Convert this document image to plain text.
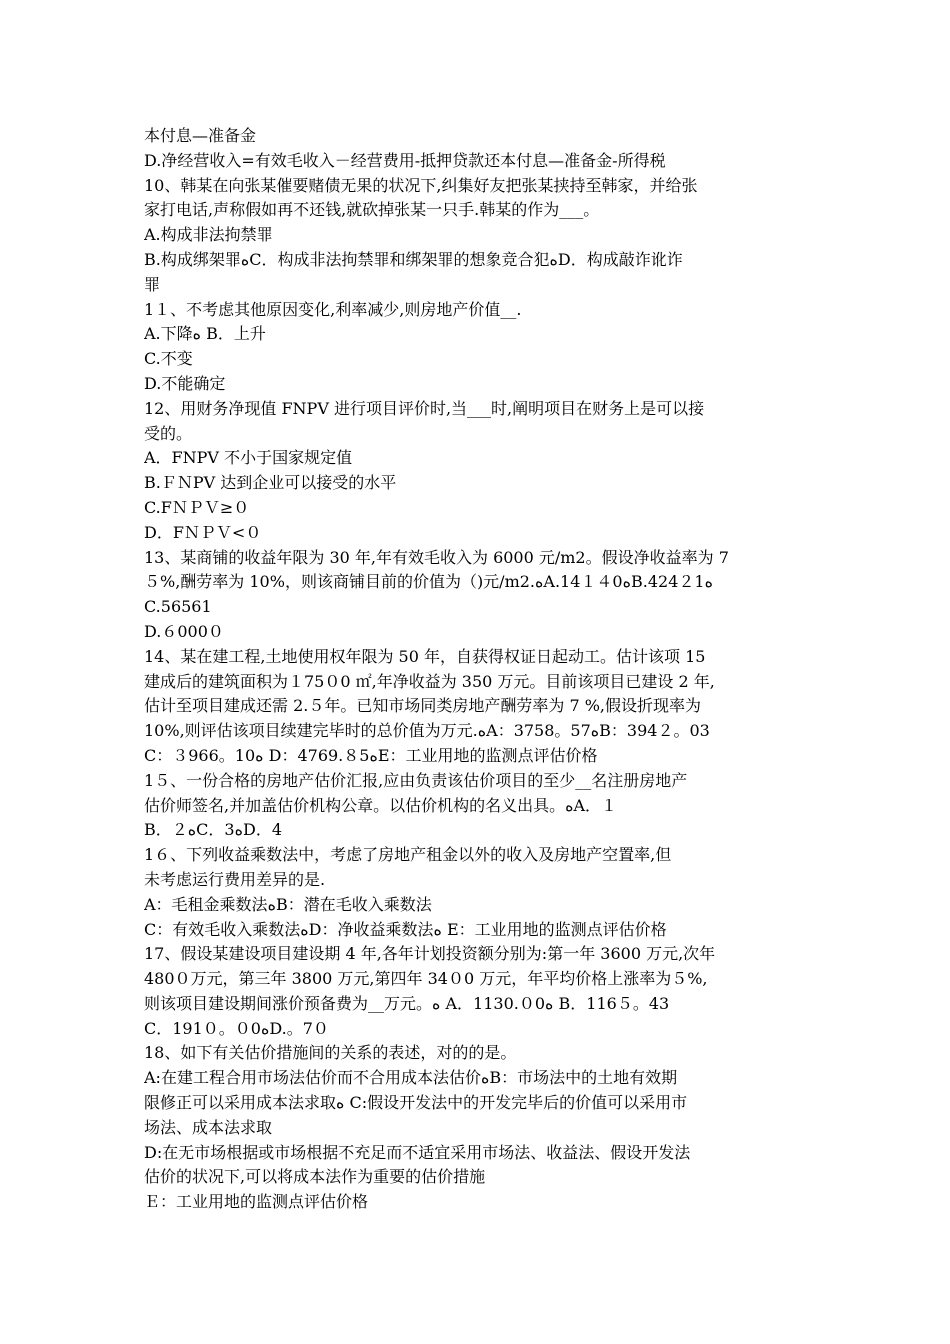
本付息—准备金
D.净经营收入=有效毛收入－经营费用-抵押贷款还本付息—准备金-所得税
10、韩某在向张某催要赌债无果的状况下,纠集好友把张某挟持至韩家，并给张
家打电话,声称假如再不还钱,就砍掉张某一只手.韩某的作为___。
A.构成非法拘禁罪
B.构成绑架罪ﻩC．构成非法拘禁罪和绑架罪的想象竞合犯ﻩD．构成敲诈讹诈
罪
1１、不考虑其他原因变化,利率减少,则房地产价值__.
A.下降ﻩ B．上升
C.不变
D.不能确定
12、用财务净现值 FNPV 进行项目评价时,当___时,阐明项目在财务上是可以接
受的。
A．FNPV 不小于国家规定值
B.ＦＮPV 达到企业可以接受的水平
C.FＮＰＶ≥０
D．FＮＰＶ<０
13、某商铺的收益年限为 30 年,年有效毛收入为 6000 元/m2。假设净收益率为 7
５%,酬劳率为 10%，则该商铺目前的价值为（)元/m2.ﻩA.14１４0ﻩB.424２1ﻩ
C.56561
D.６000０
14、某在建工程,土地使用权年限为 50 年，自获得权证日起动工。估计该项 15
建成后的建筑面积为１75０0 ㎡,年净收益为 350 万元。目前该项目已建设 2 年,
估计至项目建成还需 2.５年。已知市场同类房地产酬劳率为 7 %,假设折现率为
10%,则评估该项目续建完毕时的总价值为万元.ﻩA：3758。57ﻩB：394２。03
C：３966。10ﻩ D：4769.８5ﻩE：工业用地的监测点评估价格
1５、一份合格的房地产估价汇报,应由负责该估价项目的至少__名注册房地产
估价师签名,并加盖估价机构公章。以估价机构的名义出具。ﻩA．１
B．２ﻩC．3ﻩD．4
1６、下列收益乘数法中，考虑了房地产租金以外的收入及房地产空置率,但
未考虑运行费用差异的是.
A：毛租金乘数法ﻩB：潜在毛收入乘数法
C：有效毛收入乘数法ﻩD：净收益乘数法ﻩ E：工业用地的监测点评估价格
17、假设某建设项目建设期 4 年,各年计划投资额分别为:第一年 3600 万元,次年
480０万元，第三年 3800 万元,第四年 34０0 万元，年平均价格上涨率为５%,
则该项目建设期间涨价预备费为__万元。ﻩ A．1130.０0ﻩ B．116５。43
C．191０。０0ﻩD.。7０
18、如下有关估价措施间的关系的表述，对的的是。
A:在建工程合用市场法估价而不合用成本法估价ﻩB：市场法中的土地有效期
限修正可以采用成本法求取ﻩ C:假设开发法中的开发完毕后的价值可以采用市
场法、成本法求取
D:在无市场根据或市场根据不充足而不适宜采用市场法、收益法、假设开发法
估价的状况下,可以将成本法作为重要的估价措施
Ｅ：工业用地的监测点评估价格
